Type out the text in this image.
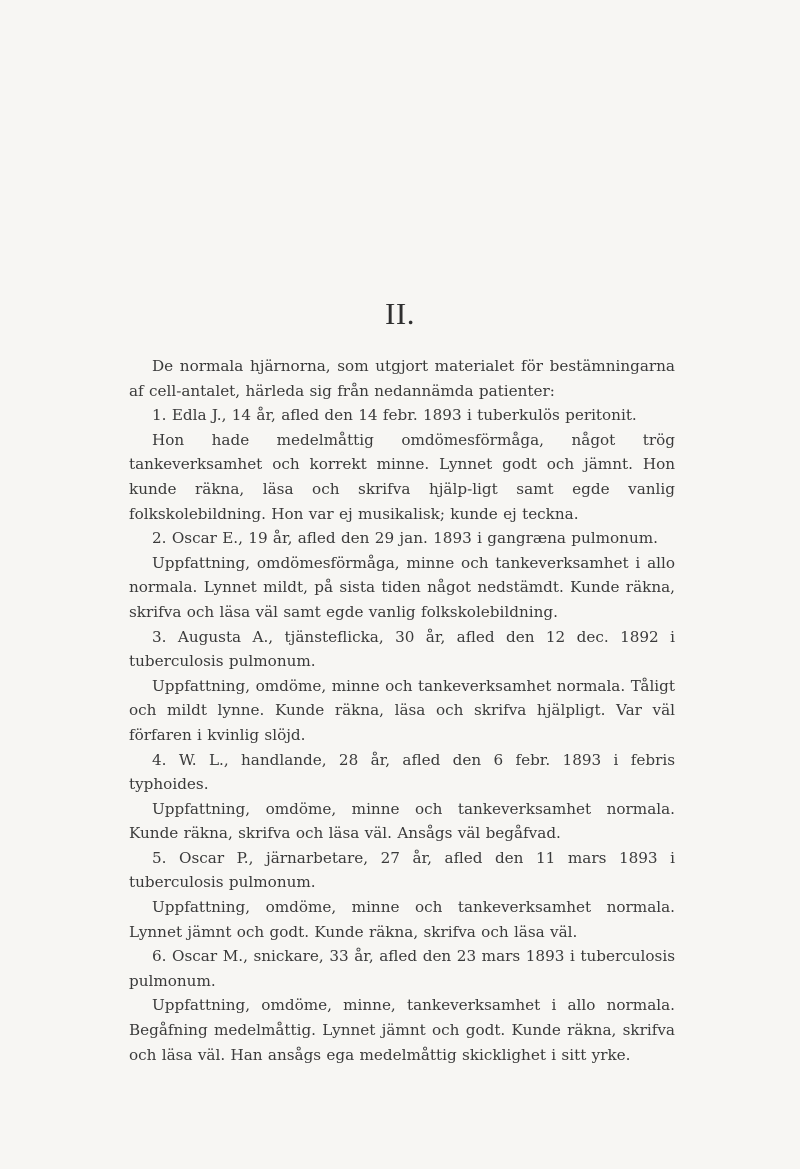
II.

De normala hjärnorna, som utgjort materialet för bestämningarna af cell-antalet, härleda sig från nedannämda patienter:

1. Edla J., 14 år, afled den 14 febr. 1893 i tuberkulös peritonit.

Hon hade medelmåttig omdömesförmåga, något trög tankeverksamhet och korrekt minne. Lynnet godt och jämnt. Hon kunde räkna, läsa och skrifva hjälp-ligt samt egde vanlig folkskolebildning. Hon var ej musikalisk; kunde ej teckna.

2. Oscar E., 19 år, afled den 29 jan. 1893 i gangræna pulmonum.

Uppfattning, omdömesförmåga, minne och tankeverksamhet i allo normala. Lynnet mildt, på sista tiden något nedstämdt. Kunde räkna, skrifva och läsa väl samt egde vanlig folkskolebildning.

3. Augusta A., tjänsteflicka, 30 år, afled den 12 dec. 1892 i tuberculosis pulmonum.

Uppfattning, omdöme, minne och tankeverksamhet normala. Tåligt och mildt lynne. Kunde räkna, läsa och skrifva hjälpligt. Var väl förfaren i kvinlig slöjd.

4. W. L., handlande, 28 år, afled den 6 febr. 1893 i febris typhoides.

Uppfattning, omdöme, minne och tankeverksamhet normala. Kunde räkna, skrifva och läsa väl. Ansågs väl begåfvad.

5. Oscar P., järnarbetare, 27 år, afled den 11 mars 1893 i tuberculosis pulmonum.

Uppfattning, omdöme, minne och tankeverksamhet normala. Lynnet jämnt och godt. Kunde räkna, skrifva och läsa väl.

6. Oscar M., snickare, 33 år, afled den 23 mars 1893 i tuberculosis pulmonum.

Uppfattning, omdöme, minne, tankeverksamhet i allo normala. Begåfning medelmåttig. Lynnet jämnt och godt. Kunde räkna, skrifva och läsa väl. Han ansågs ega medelmåttig skicklighet i sitt yrke.
